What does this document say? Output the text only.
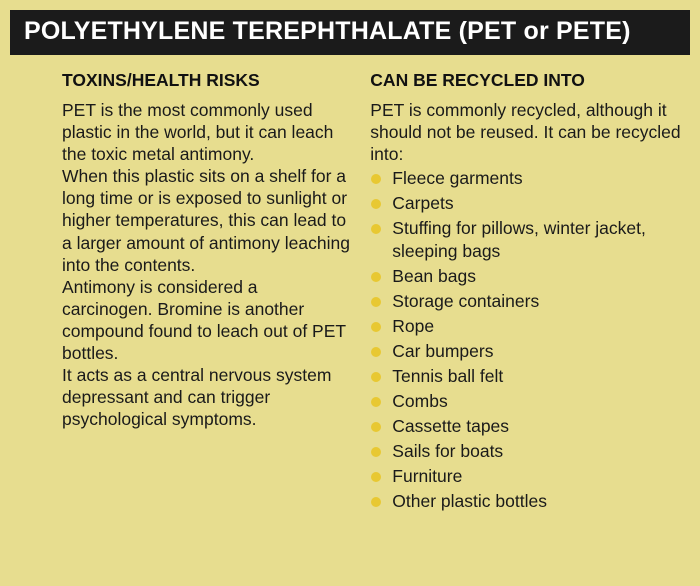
POLYETHYLENE TEREPHTHALATE (PET or PETE)
TOXINS/HEALTH RISKS

PET is the most commonly used plastic in the world, but it can leach the toxic metal antimony.

When this plastic sits on a shelf for a long time or is exposed to sunlight or higher temperatures, this can lead to a larger amount of antimony leaching into the contents.

Antimony is considered a carcinogen. Bromine is another compound found to leach out of PET bottles.

It acts as a central nervous system depressant and can trigger psychological symptoms.

CAN BE RECYCLED INTO

PET is commonly recycled, although it should not be reused. It can be recycled into:

Fleece garments
Carpets
Stuffing for pillows, winter jacket, sleeping bags
Bean bags
Storage containers
Rope
Car bumpers
Tennis ball felt
Combs
Cassette tapes
Sails for boats
Furniture
Other plastic bottles
